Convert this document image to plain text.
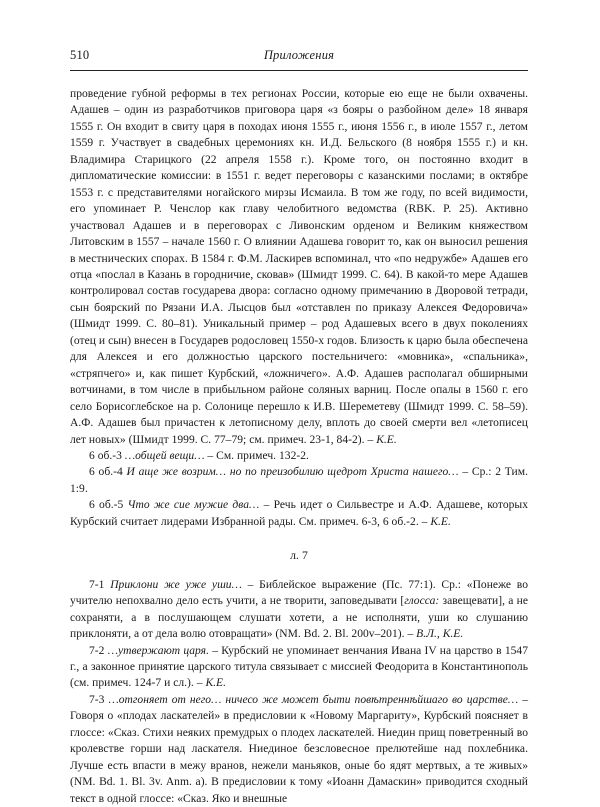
510	Приложения

проведение губной реформы в тех регионах России, которые ею еще не были охвачены. Адашев – один из разработчиков приговора царя «з бояры о разбойном деле» 18 января 1555 г. Он входит в свиту царя в походах июня 1555 г., июня 1556 г., в июле 1557 г., летом 1559 г. Участвует в свадебных церемониях кн. И.Д. Бельского (8 ноября 1555 г.) и кн. Владимира Старицкого (22 апреля 1558 г.). Кроме того, он постоянно входит в дипломатические комиссии: в 1551 г. ведет переговоры с казанскими послами; в октябре 1553 г. с представителями ногайского мирзы Исмаила. В том же году, по всей видимости, его упоминает Р. Ченслор как главу челобитного ведомства (RBK. P. 25). Активно участвовал Адашев и в переговорах с Ливонским орденом и Великим княжеством Литовским в 1557 – начале 1560 г. О влиянии Адашева говорит то, как он выносил решения в местнических спорах. В 1584 г. Ф.М. Ласкирев вспоминал, что «по недружбе» Адашев его отца «послал в Казань в городничие, сковав» (Шмидт 1999. С. 64). В какой-то мере Адашев контролировал состав государева двора: согласно одному примечанию в Дворовой тетради, сын боярский по Рязани И.А. Лысцов был «отставлен по приказу Алексея Федоровича» (Шмидт 1999. С. 80–81). Уникальный пример – род Адашевых всего в двух поколениях (отец и сын) внесен в Государев родословец 1550-х годов. Близость к царю была обеспечена для Алексея и его должностью царского постельничего: «мовника», «спальника», «стряпчего» и, как пишет Курбский, «ложничего». А.Ф. Адашев располагал обширными вотчинами, в том числе в прибыльном районе соляных варниц. После опалы в 1560 г. его село Борисоглебское на р. Солонице перешло к И.В. Шереметеву (Шмидт 1999. С. 58–59). А.Ф. Адашев был причастен к летописному делу, вплоть до своей смерти вел «летописец лет новых» (Шмидт 1999. С. 77–79; см. примеч. 23-1, 84-2). – К.Е.

6 об.-3 …общей вещи… – См. примеч. 132-2.

6 об.-4 И аще же возрим… но по преизобилию щедрот Христа нашего… – Ср.: 2 Тим. 1:9.

6 об.-5 Что же сие мужие два… – Речь идет о Сильвестре и А.Ф. Адашеве, которых Курбский считает лидерами Избранной рады. См. примеч. 6-3, 6 об.-2. – К.Е.

л. 7

7-1 Приклони же уже уши… – Библейское выражение (Пс. 77:1). Ср.: «Понеже во учителю непохвално дело есть учити, а не творити, заповедывати [глосса: завещевати], а не сохраняти, а в послушающем слушати хотети, а не исполняти, уши ко слушанию приклоняти, а от дела волю отовращати» (NM. Bd. 2. Bl. 200v–201). – В.Л., К.Е.

7-2 …утвержают царя. – Курбский не упоминает венчания Ивана IV на царство в 1547 г., а законное принятие царского титула связывает с миссией Феодорита в Константинополь (см. примеч. 124-7 и сл.). – К.Е.

7-3 …отгоняет от него… ничесо же может быти повѣтреннѣйшаго во царстве… – Говоря о «плодах ласкателей» в предисловии к «Новому Маргариту», Курбский поясняет в глоссе: «Сказ. Стихи неяких премудрых о плодех ласкателей. Ниедин прищ поветренный во кролевстве горши над ласкателя. Ниединое безсловесное прелютейше над похлебника. Лучше есть впасти в межу вранов, нежели маньяков, оные бо ядят мертвых, а те живых» (NM. Bd. 1. Bl. 3v. Anm. a). В предисловии к тому «Иоанн Дамаскин» приводится сходный текст в одной глоссе: «Сказ. Яко и внешные
